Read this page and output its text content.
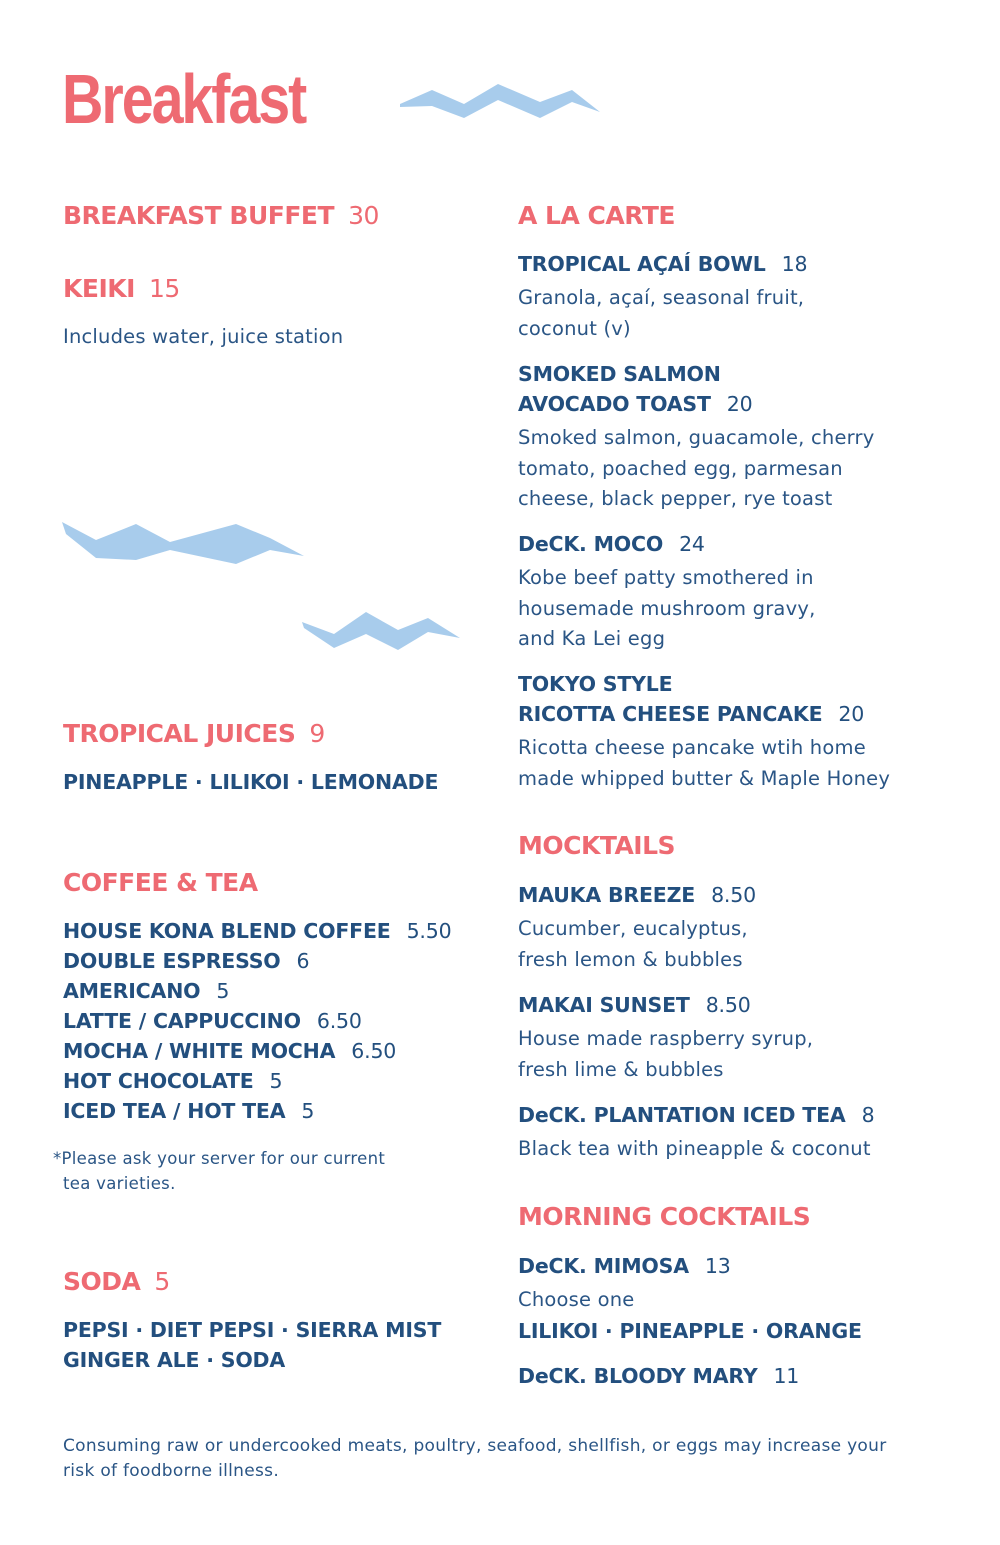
Breakfast
BREAKFAST BUFFET 30
KEIKI 15
Includes water, juice station
TROPICAL JUICES 9
PINEAPPLE · LILIKOI · LEMONADE
COFFEE & TEA
HOUSE KONA BLEND COFFEE 5.50
DOUBLE ESPRESSO 6
AMERICANO 5
LATTE / CAPPUCCINO 6.50
MOCHA / WHITE MOCHA 6.50
HOT CHOCOLATE 5
ICED TEA / HOT TEA 5
*Please ask your server for our current
tea varieties.
SODA 5
PEPSI · DIET PEPSI · SIERRA MIST
GINGER ALE · SODA
A LA CARTE
TROPICAL AÇAÍ BOWL 18
Granola, açaí, seasonal fruit,
coconut (v)
SMOKED SALMON
AVOCADO TOAST 20
Smoked salmon, guacamole, cherry
tomato, poached egg, parmesan
cheese, black pepper, rye toast
DeCK. MOCO 24
Kobe beef patty smothered in
housemade mushroom gravy,
and Ka Lei egg
TOKYO STYLE
RICOTTA CHEESE PANCAKE 20
Ricotta cheese pancake wtih home
made whipped butter & Maple Honey
MOCKTAILS
MAUKA BREEZE 8.50
Cucumber, eucalyptus,
fresh lemon & bubbles
MAKAI SUNSET 8.50
House made raspberry syrup,
fresh lime & bubbles
DeCK. PLANTATION ICED TEA 8
Black tea with pineapple & coconut
MORNING COCKTAILS
DeCK. MIMOSA 13
Choose one
LILIKOI · PINEAPPLE · ORANGE
DeCK. BLOODY MARY 11
Consuming raw or undercooked meats, poultry, seafood, shellfish, or eggs may increase your
risk of foodborne illness.
